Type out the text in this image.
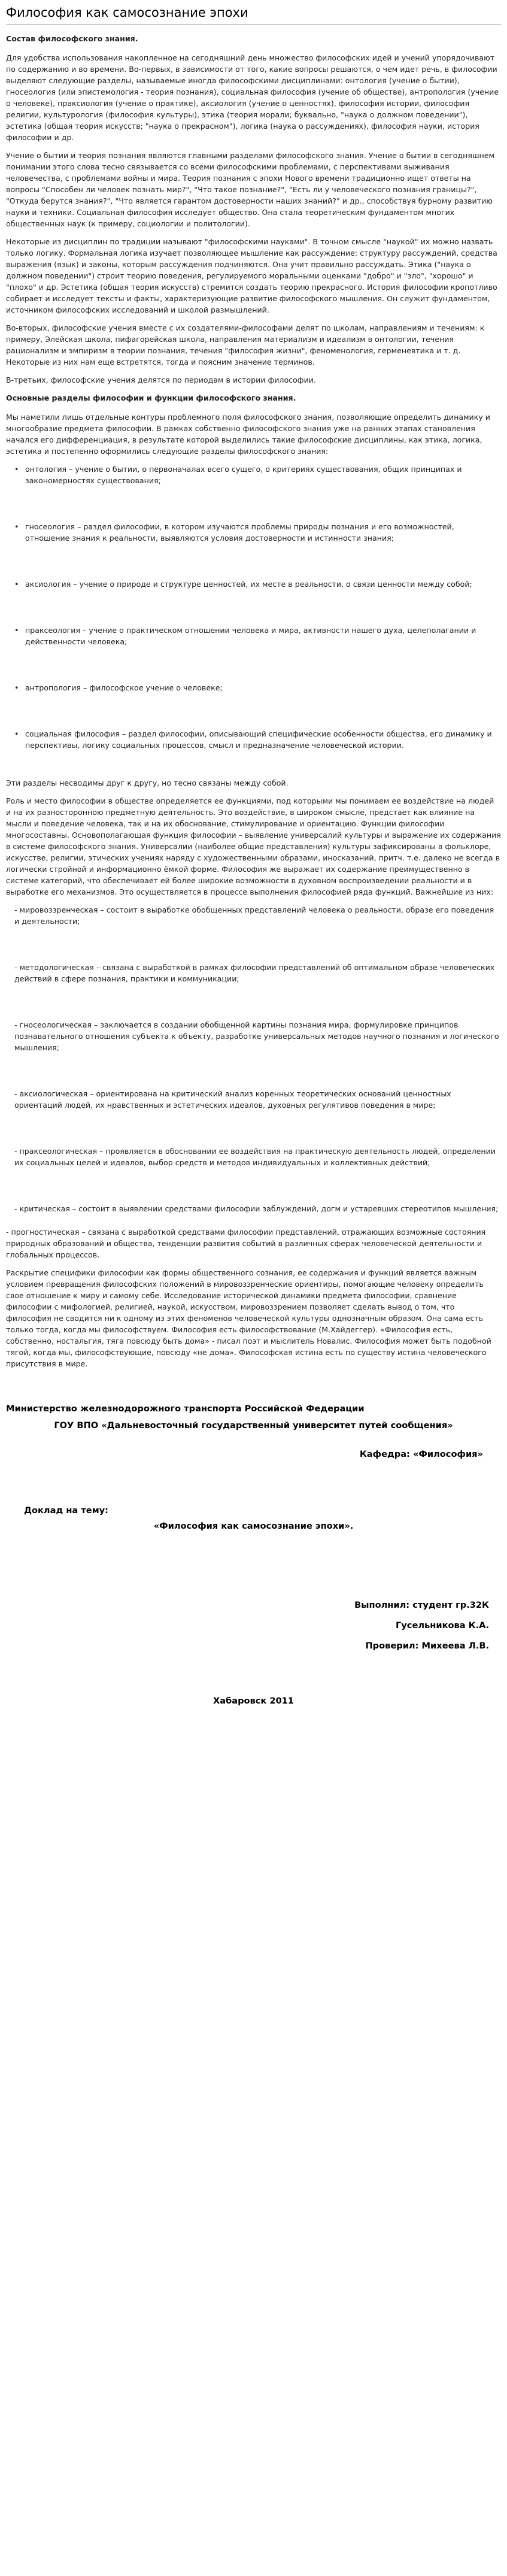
Философия как самосознание эпохи
Состав философского знания.

Для удобства использования накопленное на сегодняшний день множество философских идей и учений упорядочивают по содержанию и во времени. Во-первых, в зависимости от того, какие вопросы решаются, о чем идет речь, в философии выделяют следующие разделы, называемые иногда философскими дисциплинами: онтология (учение о бытии), гносеология (или эпистемология - теория познания), социальная философия (учение об обществе), антропология (учение о человеке), праксиология (учение о практике), аксиология (учение о ценностях), философия истории, философия религии, культурология (философия культуры), этика (теория морали; буквально, "наука о должном поведении"), эстетика (общая теория искусств; "наука о прекрасном"), логика (наука о рассуждениях), философия науки, история философии и др.

Учение о бытии и теория познания являются главными разделами философского знания. Учение о бытии в сегодняшнем понимании этого слова тесно связывается со всеми философскими проблемами, с перспективами выживания человечества, с проблемами войны и мира. Теория познания с эпохи Нового времени традиционно ищет ответы на вопросы "Способен ли человек познать мир?", "Что такое познание?", "Есть ли у человеческого познания границы?", "Откуда берутся знания?", "Что является гарантом достоверности наших знаний?" и др., способствуя бурному развитию науки и техники. Социальная философия исследует общество. Она стала теоретическим фундаментом многих общественных наук (к примеру, социологии и политологии).

Некоторые из дисциплин по традиции называют "философскими науками". В точном смысле "наукой" их можно назвать только логику. Формальная логика изучает позволяющее мышление как рассуждение: структуру рассуждений, средства выражения (язык) и законы, которым рассуждения подчиняются. Она учит правильно рассуждать. Этика ("наука о должном поведении") строит теорию поведения, регулируемого моральными оценками "добро" и "зло", "хорошо" и "плохо" и др. Эстетика (общая теория искусств) стремится создать теорию прекрасного. История философии кропотливо собирает и исследует тексты и факты, характеризующие развитие философского мышления. Он служит фундаментом, источником философских исследований и школой размышлений.

Во-вторых, философские учения вместе с их создателями-философами делят по школам, направлениям и течениям: к примеру, Элейская школа, пифагорейская школа, направления материализм и идеализм в онтологии, течения рационализм и эмпиризм в теории познания, течения "философия жизни", феноменология, герменевтика и т. д. Некоторые из них нам еще встретятся, тогда и поясним значение терминов.

В-третьих, философские учения делятся по периодам в истории философии.

Основные разделы философии и функции философского знания.

Мы наметили лишь отдельные контуры проблемного поля философского знания, позволяющие определить динамику и многообразие предмета философии. В рамках собственно философского знания уже на ранних этапах становления начался его дифференциация, в результате которой выделились такие философские дисциплины, как этика, логика, эстетика и постепенно оформились следующие разделы философского знания:

• онтология – учение о бытии, о первоначалах всего сущего, о критериях существования, общих принципах и закономерностях существования;
• гносеология – раздел философии, в котором изучаются проблемы природы познания и его возможностей, отношение знания к реальности, выявляются условия достоверности и истинности знания;
• аксиология – учение о природе и структуре ценностей, их месте в реальности, о связи ценности между собой;
• праксеология – учение о практическом отношении человека и мира, активности нашего духа, целеполагании и действенности человека;
• антропология – философское учение о человеке;
• социальная философия – раздел философии, описывающий специфические особенности общества, его динамику и перспективы, логику социальных процессов, смысл и предназначение человеческой истории.

Эти разделы несводимы друг к другу, но тесно связаны между собой.

Роль и место философии в обществе определяется ее функциями, под которыми мы понимаем ее воздействие на людей и на их разносторонною предметную деятельность. Это воздействие, в широком смысле, предстает как влияние на мысли и поведение человека, так и на их обоснование, стимулирование и ориентацию. Функции философии многосоставны. Основополагающая функция философии – выявление универсалий культуры и выражение их содержания в системе философского знания. Универсалии (наиболее общие представления) культуры зафиксированы в фольклоре, искусстве, религии, этических учениях наряду с художественными образами, иносказаний, притч. т.е. далеко не всегда в логически стройной и информационно ёмкой форме. Философия же выражает их содержание преимущественно в системе категорий, что обеспечивает ей более широкие возможности в духовном воспроизведении реальности и в выработке его механизмов. Это осуществляется в процессе выполнения философией ряда функций. Важнейшие из них:

- мировоззренческая – состоит в выработке обобщенных представлений человека о реальности, образе его поведения и деятельности;
- методологическая – связана с выработкой в рамках философии представлений об оптимальном образе человеческих действий в сфере познания, практики и коммуникации;
- гносеологическая – заключается в создании обобщенной картины познания мира, формулировке принципов познавательного отношения субъекта к объекту, разработке универсальных методов научного познания и логического мышления;
- аксиологическая – ориентирована на критический анализ коренных теоретических оснований ценностных ориентаций людей, их нравственных и эстетических идеалов, духовных регулятивов поведения в мире;
- праксеологическая – проявляется в обосновании ее воздействия на практическую деятельность людей, определении их социальных целей и идеалов, выбор средств и методов индивидуальных и коллективных действий;
- критическая – состоит в выявлении средствами философии заблуждений, догм и устаревших стереотипов мышления;

- прогностическая – связана с выработкой средствами философии представлений, отражающих возможные состояния природных образований и общества, тенденции развития событий в различных сферах человеческой деятельности и глобальных процессов.

Раскрытие специфики философии как формы общественного сознания, ее содержания и функций является важным условием превращения философских положений в мировоззренческие ориентиры, помогающие человеку определить свое отношение к миру и самому себе. Исследование исторической динамики предмета философии, сравнение философии с мифологией, религией, наукой, искусством, мировоззрением позволяет сделать вывод о том, что философия не сводится ни к одному из этих феноменов человеческой культуры однозначным образом. Она сама есть только тогда, когда мы философствуем. Философия есть философствование (М.Хайдеггер). «Философия есть, собственно, ностальгия, тяга повсюду быть дома» - писал поэт и мыслитель Новалис. Философия может быть подобной тягой, когда мы, философствующие, повсюду «не дома». Философская истина есть по существу истина человеческого присутствия в мире.

Министерство железнодорожного транспорта Российской Федерации
ГОУ ВПО «Дальневосточный государственный университет путей сообщения»
Кафедра: «Философия»
Доклад на тему:
«Философия как самосознание эпохи».
Выполнил: студент гр.32К
Гусельникова К.А.
Проверил: Михеева Л.В.
Хабаровск 2011
